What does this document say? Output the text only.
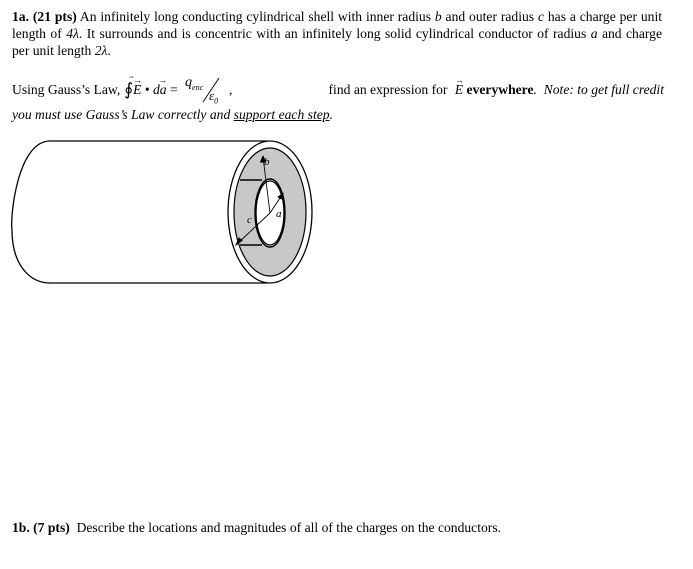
1a. (21 pts) An infinitely long conducting cylindrical shell with inner radius b and outer radius c has a charge per unit length of 4λ. It surrounds and is concentric with an infinitely long solid cylindrical conductor of radius a and charge per unit length 2λ.
Using Gauss’s Law, ∮ ⃗→
E •
→
da = $q_{enc}$
$\varepsilon_0$
,	find an expression for
→
E everywhere .  Note: to get full credit
you must use Gauss’s Law correctly and support each step.
b
c a
1b. (7 pts)  Describe the locations and magnitudes of all of the charges on the conductors.
